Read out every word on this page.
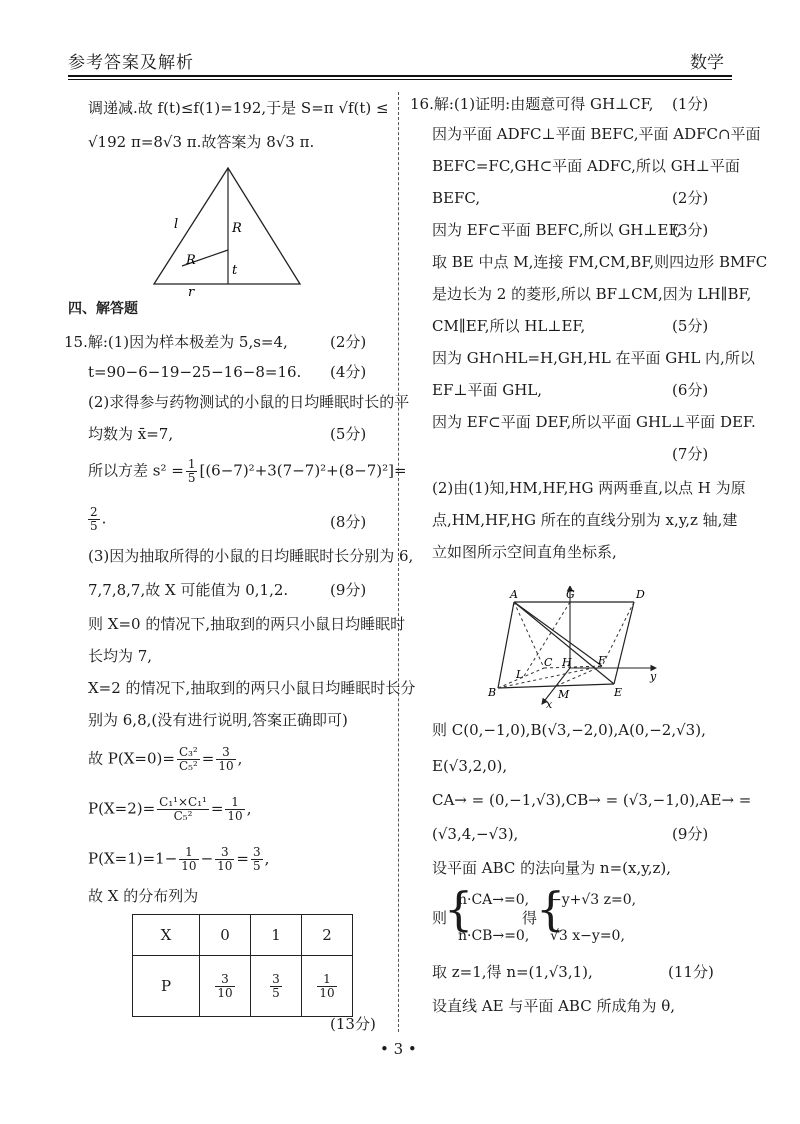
参考答案及解析	数学
调递减.故 f(t)≤f(1)=192,于是 S=π √f(t) ≤
√192 π=8√3 π.故答案为 8√3 π.
l	R
R
t
r
四、解答题
15.解:(1)因为样本极差为 5,s=4,	(2分)
t=90−6−19−25−16−8=16. (4分)
(2)求得参与药物测试的小鼠的日均睡眠时长的平
均数为 x̄=7,	(5分)
所以方差 $s^2 = \frac{1}{5} [(6-7)^2+3(7-7)^2+(8-7)^2]=$
$\frac{2}{5}$ .	(8分)
(3)因为抽取所得的小鼠的日均睡眠时长分别为 6,
7,7,8,7,故 X 可能值为 0,1,2.	(9分)
则 X=0 的情况下,抽取到的两只小鼠日均睡眠时
长均为 7,
X=2 的情况下,抽取到的两只小鼠日均睡眠时长分
别为 6,8,(没有进行说明,答案正确即可)
故 $P(X=0)= \frac{\text{C₃²}}{\text{C₅²}} = \frac{3}{10}$ ,
$P(X=2)= \frac{\text{C₁¹×C₁¹}}{\text{C₅²}} = \frac{1}{10}$ ,
$P(X=1)=1- \frac{1}{10} - \frac{3}{10} = \frac{3}{5}$ ,
故 X 的分布列为
X	0	1	2
P	$\frac{3}{10}$	$\frac{3}{5}$	$\frac{1}{10}$
(13分)
16.解:(1)证明:由题意可得 GH⊥CF, (1分)
因为平面 ADFC⊥平面 BEFC,平面 ADFC∩平面
BEFC=FC,GH⊂平面 ADFC,所以 GH⊥平面
BEFC,	(2分)
因为 EF⊂平面 BEFC,所以 GH⊥EF,
(3分)
取 BE 中点 M,连接 FM,CM,BF,则四边形 BMFC
是边长为 2 的菱形,所以 BF⊥CM,因为 LH∥BF,
CM∥EF,所以 HL⊥EF,	(5分)
因为 GH∩HL=H,GH,HL 在平面 GHL 内,所以
EF⊥平面 GHL,	(6分)
因为 EF⊂平面 DEF,所以平面 GHL⊥平面 DEF.
(7分)
(2)由(1)知,HM,HF,HG 两两垂直,以点 H 为原
点,HM,HF,HG 所在的直线分别为 x,y,z 轴,建
立如图所示空间直角坐标系,
A	G	D
L
C H F
y
B	M	E
x
则 C(0,−1,0),B(√3,−2,0),A(0,−2,√3),
E(√3,2,0),
CA→ = (0,−1,√3),CB→ = (√3,−1,0),AE→ =
(√3,4,−√3),	(9分)
设平面 ABC 的法向量为 n=(x,y,z),
则
{
n·CA→=0,
n·CB→=0,
得
{
−y+√3 z=0,
√3 x−y=0,
取 z=1,得 n=(1,√3,1),	(11分)
设直线 AE 与平面 ABC 所成角为 θ,
• 3 •
